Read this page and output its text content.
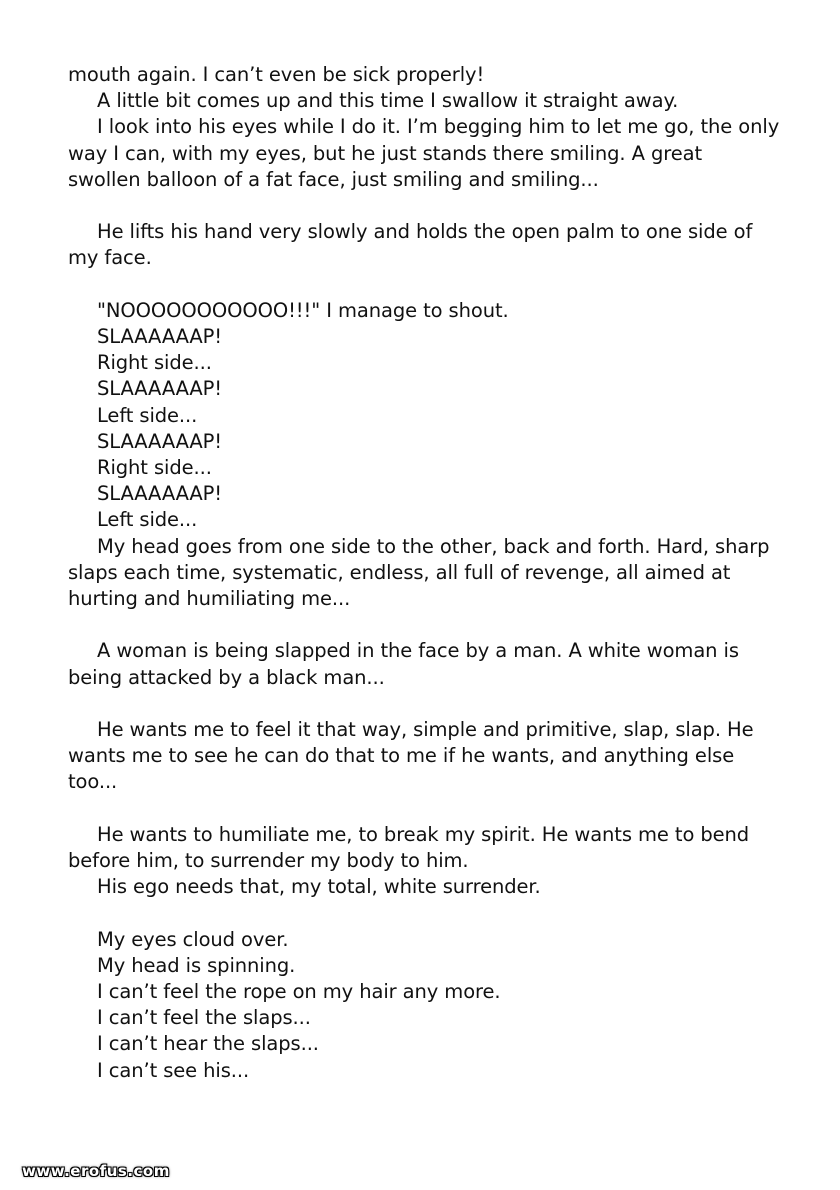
mouth again. I can’t even be sick properly!
A little bit comes up and this time I swallow it straight away.
I look into his eyes while I do it. I’m begging him to let me go, the only way I can, with my eyes, but he just stands there smiling. A great swollen balloon of a fat face, just smiling and smiling...
He lifts his hand very slowly and holds the open palm to one side of my face.
"NOOOOOOOOOOO!!!" I manage to shout.
SLAAAAAAP!
Right side...
SLAAAAAAP!
Left side...
SLAAAAAAP!
Right side...
SLAAAAAAP!
Left side...
My head goes from one side to the other, back and forth. Hard, sharp slaps each time, systematic, endless, all full of revenge, all aimed at hurting and humiliating me...
A woman is being slapped in the face by a man. A white woman is being attacked by a black man...
He wants me to feel it that way, simple and primitive, slap, slap. He wants me to see he can do that to me if he wants, and anything else too...
He wants to humiliate me, to break my spirit. He wants me to bend before him, to surrender my body to him.
His ego needs that, my total, white surrender.
My eyes cloud over.
My head is spinning.
I can’t feel the rope on my hair any more.
I can’t feel the slaps...
I can’t hear the slaps...
I can’t see his...
www.erofus.com
